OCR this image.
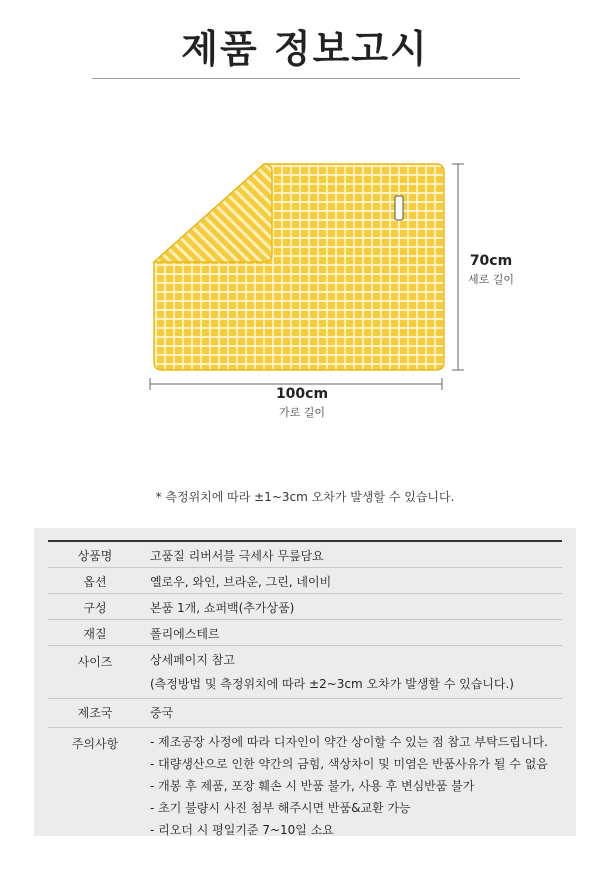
제품 정보고시
100cm
가로 길이
70cm
세로 길이
* 측정위치에 따라 ±1~3cm 오차가 발생할 수 있습니다.
상품명	고품질 리버서블 극세사 무릎담요
옵션	옐로우, 와인, 브라운, 그린, 네이비
구성	본품 1개, 쇼퍼백(추가상품)
재질	폴리에스테르
사이즈	상세페이지 참고
(측정방법 및 측정위치에 따라 ±2~3cm 오차가 발생할 수 있습니다.)
제조국	중국
주의사항
-	제조공장 사정에 따라 디자인이 약간 상이할 수 있는 점 참고 부탁드립니다.
- 대량생산으로 인한 약간의 금힘, 색상차이 및 미염은 반품사유가 될 수 없음
- 개봉 후 제품, 포장 훼손 시 반품 불가, 사용 후 변심반품 불가
- 초기 불량시 사진 첨부 해주시면 반품&교환 가능
- 리오더 시 평일기준 7~10일 소요
